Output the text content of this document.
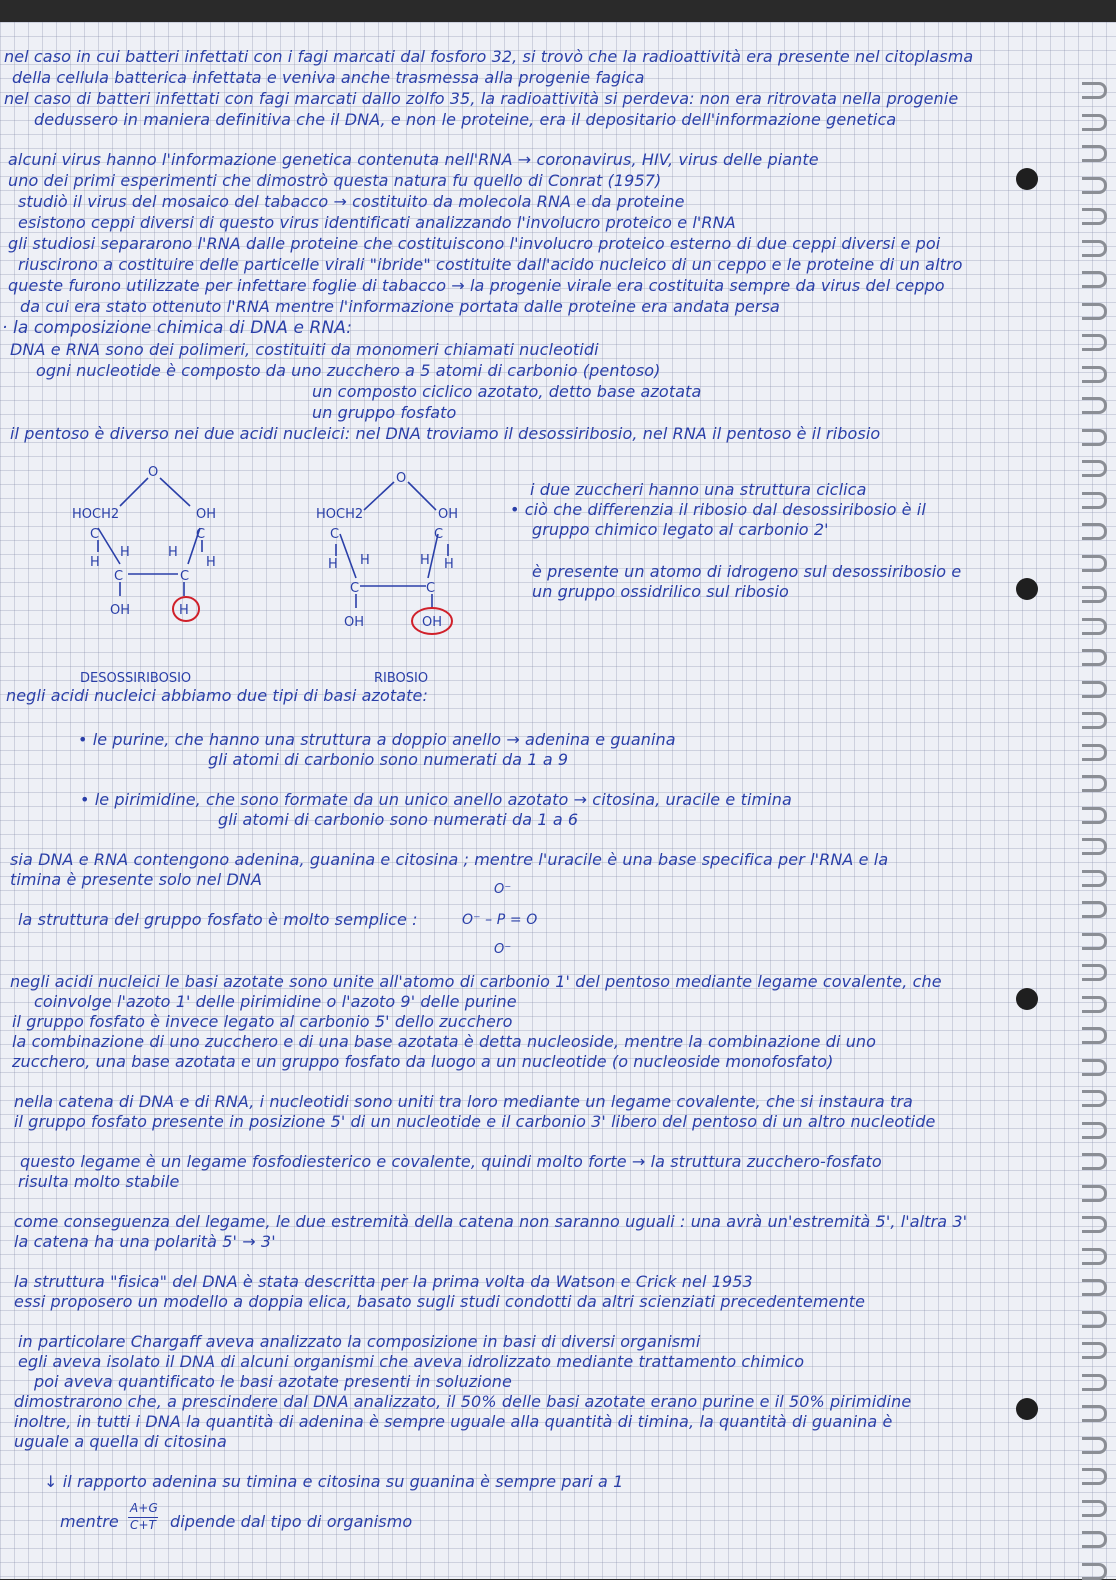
nel caso in cui batteri infettati con i fagi marcati dal fosforo 32, si trovò che la radioattività era presente nel citoplasma
della cellula batterica infettata e veniva anche trasmessa alla progenie fagica
nel caso di batteri infettati con fagi marcati dallo zolfo 35, la radioattività si perdeva: non era ritrovata nella progenie
dedussero in maniera definitiva che il DNA, e non le proteine, era il depositario dell'informazione genetica
alcuni virus hanno l'informazione genetica contenuta nell'RNA → coronavirus, HIV, virus delle piante
uno dei primi esperimenti che dimostrò questa natura fu quello di Conrat (1957)
studiò il virus del mosaico del tabacco → costituito da molecola RNA e da proteine
esistono ceppi diversi di questo virus identificati analizzando l'involucro proteico e l'RNA
gli studiosi separarono l'RNA dalle proteine che costituiscono l'involucro proteico esterno di due ceppi diversi e poi
riuscirono a costituire delle particelle virali "ibride" costituite dall'acido nucleico di un ceppo e le proteine di un altro
queste furono utilizzate per infettare foglie di tabacco → la progenie virale era costituita sempre da virus del ceppo
da cui era stato ottenuto l'RNA mentre l'informazione portata dalle proteine era andata persa
· la composizione chimica di DNA e RNA:
DNA e RNA sono dei polimeri, costituiti da monomeri chiamati nucleotidi
ogni nucleotide è composto da uno zucchero a 5 atomi di carbonio (pentoso)
un composto ciclico azotato, detto base azotata
un gruppo fosfato
il pentoso è diverso nei due acidi nucleici: nel DNA troviamo il desossiribosio, nel RNA il pentoso è il ribosio
O
HOCH2	OH
C	C
H
H	H
H
C	C
OH	H
O
HOCH2	OH
C	C
H H	H H
C	C
OH	OH
DESOSSIRIBOSIO	RIBOSIO
i due zuccheri hanno una struttura ciclica
• ciò che differenzia il ribosio dal desossiribosio è il
gruppo chimico legato al carbonio 2'
è presente un atomo di idrogeno sul desossiribosio e
un gruppo ossidrilico sul ribosio
negli acidi nucleici abbiamo due tipi di basi azotate:
• le purine, che hanno una struttura a doppio anello → adenina e guanina
gli atomi di carbonio sono numerati da 1 a 9
• le pirimidine, che sono formate da un unico anello azotato → citosina, uracile e timina
gli atomi di carbonio sono numerati da 1 a 6
sia DNA e RNA contengono adenina, guanina e citosina ; mentre l'uracile è una base specifica per l'RNA e la
timina è presente solo nel DNA
la struttura del gruppo fosfato è molto semplice :
O⁻
O⁻ – P = O
O⁻
negli acidi nucleici le basi azotate sono unite all'atomo di carbonio 1' del pentoso mediante legame covalente, che
coinvolge l'azoto 1' delle pirimidine o l'azoto 9' delle purine
il gruppo fosfato è invece legato al carbonio 5' dello zucchero
la combinazione di uno zucchero e di una base azotata è detta nucleoside, mentre la combinazione di uno
zucchero, una base azotata e un gruppo fosfato da luogo a un nucleotide (o nucleoside monofosfato)
nella catena di DNA e di RNA, i nucleotidi sono uniti tra loro mediante un legame covalente, che si instaura tra
il gruppo fosfato presente in posizione 5' di un nucleotide e il carbonio 3' libero del pentoso di un altro nucleotide
questo legame è un legame fosfodiesterico e covalente, quindi molto forte → la struttura zucchero-fosfato
risulta molto stabile
come conseguenza del legame, le due estremità della catena non saranno uguali : una avrà un'estremità 5', l'altra 3'
la catena ha una polarità 5' → 3'
la struttura "fisica" del DNA è stata descritta per la prima volta da Watson e Crick nel 1953
essi proposero un modello a doppia elica, basato sugli studi condotti da altri scienziati precedentemente
in particolare Chargaff aveva analizzato la composizione in basi di diversi organismi
egli aveva isolato il DNA di alcuni organismi che aveva idrolizzato mediante trattamento chimico
poi aveva quantificato le basi azotate presenti in soluzione
dimostrarono che, a prescindere dal DNA analizzato, il 50% delle basi azotate erano purine e il 50% pirimidine
inoltre, in tutti i DNA la quantità di adenina è sempre uguale alla quantità di timina, la quantità di guanina è
uguale a quella di citosina
↓ il rapporto adenina su timina e citosina su guanina è sempre pari a 1
mentre
A+G
C+T dipende dal tipo di organismo
